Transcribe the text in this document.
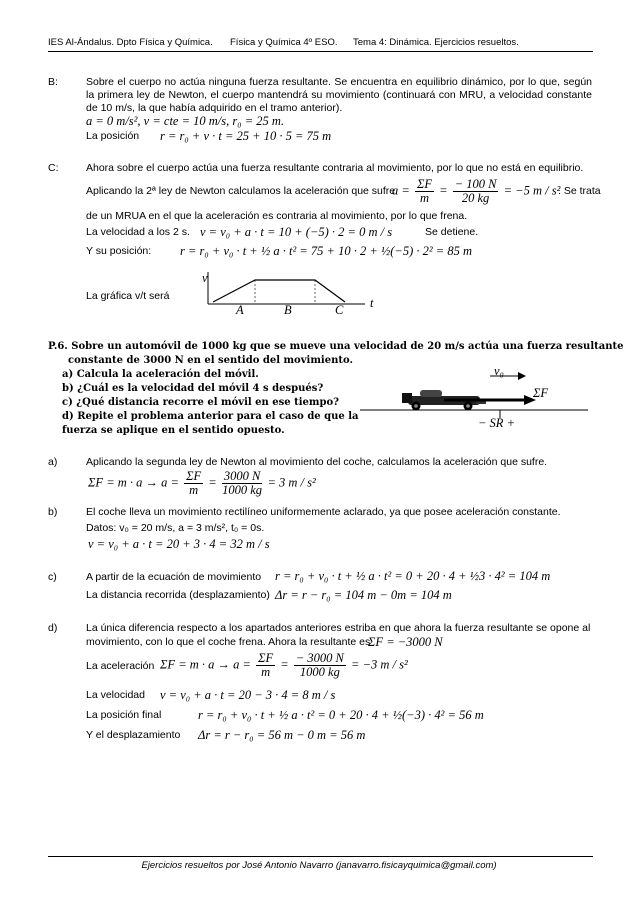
IES Al-Ándalus. Dpto Física y Química. Física y Química 4º ESO. Tema 4: Dinámica. Ejercicios resueltos.
B:	Sobre el cuerpo no actúa ninguna fuerza resultante. Se encuentra en equilibrio dinámico, por lo que, según la primera ley de Newton, el cuerpo mantendrá su movimiento (continuará con MRU, a velocidad constante de 10 m/s, la que había adquirido en el tramo anterior).
a = 0 m/s², v = cte = 10 m/s, r₀ = 25 m.
La posición r = r₀ + v · t = 25 + 10 · 5 = 75 m
C:	Ahora sobre el cuerpo actúa una fuerza resultante contraria al movimiento, por lo que no está en equilibrio.
Aplicando la 2ª ley de Newton calculamos la aceleración que sufre
$a = \frac{\Sigma F}{m} = \frac{- 100 N}{20 kg} = -5$ m / s²
. Se trata
de un MRUA en el que la aceleración es contraria al movimiento, por lo que frena.
La velocidad a los 2 s. v = v₀ + a · t = 10 + (−5) · 2 = 0 m / s	Se detiene.
Y su posición: r = r₀ + v₀ · t + ½ a · t² = 75 + 10 · 2 + ½(−5) · 2² = 85 m
La gráfica v/t será
v
t
A	B	C
P.6. Sobre un automóvil de 1000 kg que se mueve una velocidad de 20 m/s actúa una fuerza resultante
constante de 3000 N en el sentido del movimiento.
a) Calcula la aceleración del móvil.
b) ¿Cuál es la velocidad del móvil 4 s después?
c) ¿Qué distancia recorre el móvil en ese tiempo?
d) Repite el problema anterior para el caso de que la
fuerza se aplique en el sentido opuesto.
v₀
ΣF
− SR +
a)	Aplicando la segunda ley de Newton al movimiento del coche, calculamos la aceleración que sufre.
$\Sigma F = m \cdot a \to a = \frac{\Sigma F}{m} = \frac{3000 N}{1000 kg} = 3$ m / s²
b)	El coche lleva un movimiento rectilíneo uniformemente aclarado, ya que posee aceleración constante.
Datos: v₀ = 20 m/s, a = 3 m/s², t₀ = 0s.
v = v₀ + a · t = 20 + 3 · 4 = 32 m / s
c)	A partir de la ecuación de movimiento r = r₀ + v₀ · t + ½ a · t² = 0 + 20 · 4 + ½3 · 4² = 104 m
La distancia recorrida (desplazamiento) Δr = r − r₀ = 104 m − 0m = 104 m
d)	La única diferencia respecto a los apartados anteriores estriba en que ahora la fuerza resultante se opone al
movimiento, con lo que el coche frena. Ahora la resultante es
ΣF = −3000 N
La aceleración $\Sigma F = m \cdot a \to a = \frac{\Sigma F}{m} = \frac{- 3000 N}{1000 kg} = -3$ m / s²
La velocidad v = v₀ + a · t = 20 − 3 · 4 = 8 m / s
La posición final	r = r₀ + v₀ · t + ½ a · t² = 0 + 20 · 4 + ½(−3) · 4² = 56 m
Y el desplazamiento Δr = r − r₀ = 56 m − 0 m = 56 m
Ejercicios resueltos por José Antonio Navarro (janavarro.fisicayquimica@gmail.com)
